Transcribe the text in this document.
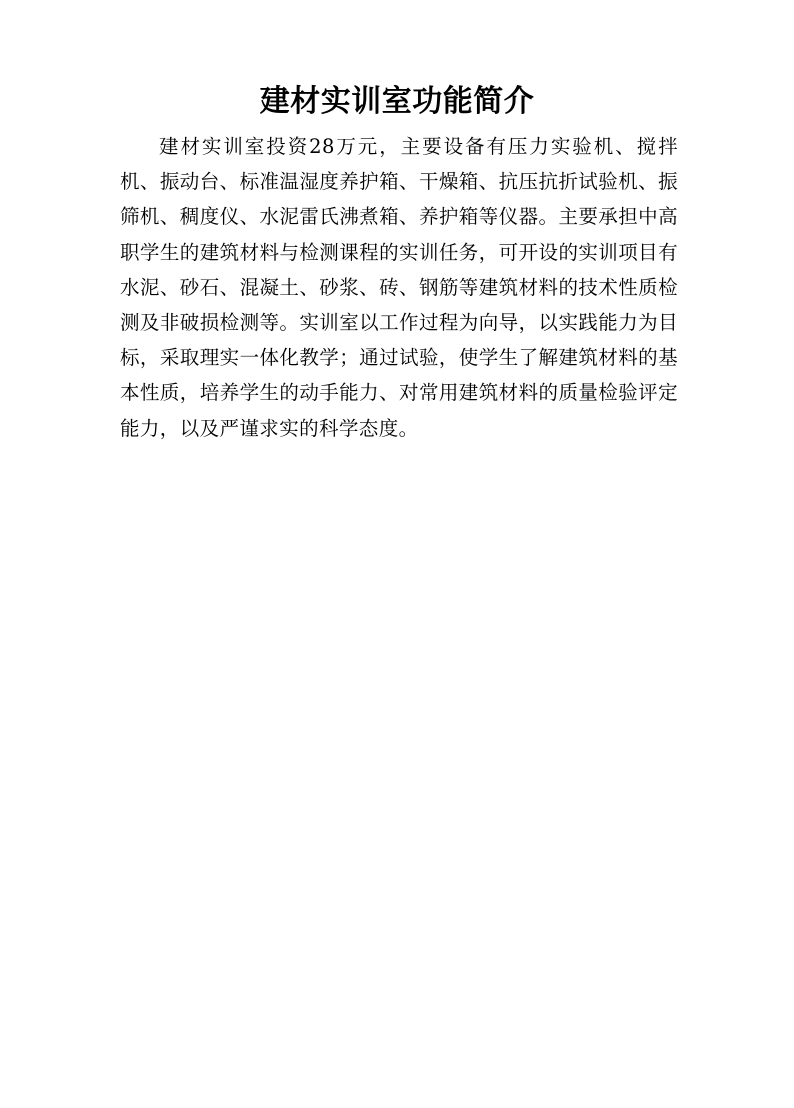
建材实训室功能简介

建材实训室投资28万元，主要设备有压力实验机、搅拌机、振动台、标准温湿度养护箱、干燥箱、抗压抗折试验机、振筛机、稠度仪、水泥雷氏沸煮箱、养护箱等仪器。主要承担中高职学生的建筑材料与检测课程的实训任务，可开设的实训项目有水泥、砂石、混凝土、砂浆、砖、钢筋等建筑材料的技术性质检测及非破损检测等。实训室以工作过程为向导，以实践能力为目标，采取理实一体化教学；通过试验，使学生了解建筑材料的基本性质，培养学生的动手能力、对常用建筑材料的质量检验评定能力，以及严谨求实的科学态度。
